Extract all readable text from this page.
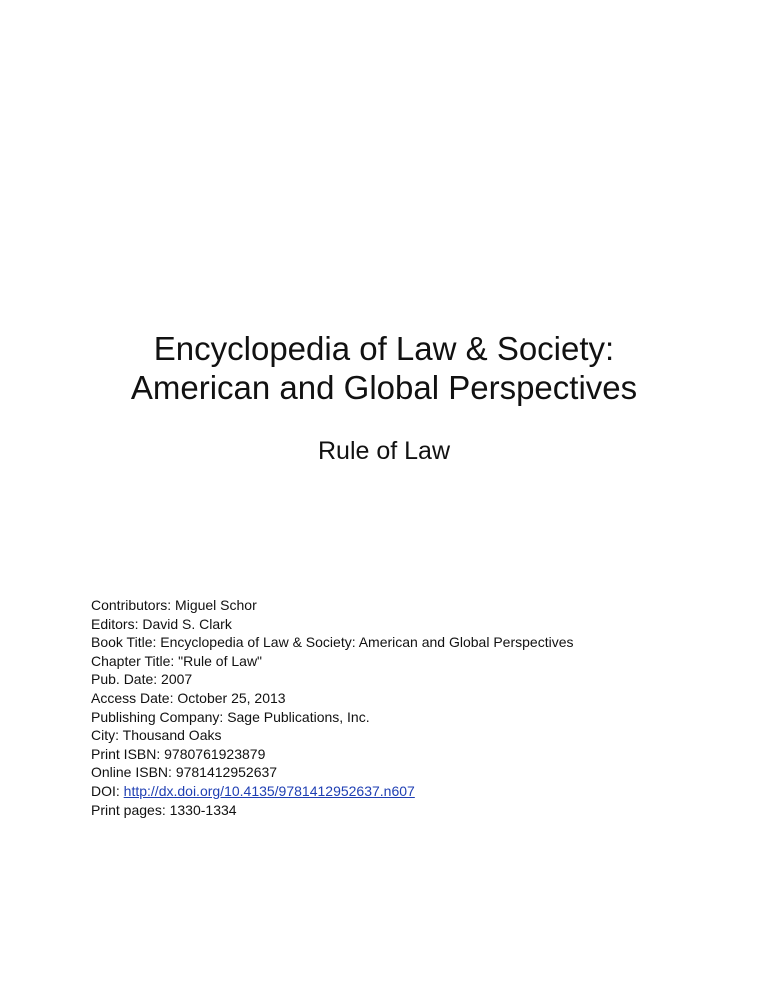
Encyclopedia of Law & Society:
American and Global Perspectives
Rule of Law
Contributors: Miguel Schor
Editors: David S. Clark
Book Title: Encyclopedia of Law & Society: American and Global Perspectives
Chapter Title: "Rule of Law"
Pub. Date: 2007
Access Date: October 25, 2013
Publishing Company: Sage Publications, Inc.
City: Thousand Oaks
Print ISBN: 9780761923879
Online ISBN: 9781412952637
DOI: http://dx.doi.org/10.4135/9781412952637.n607
Print pages: 1330-1334
